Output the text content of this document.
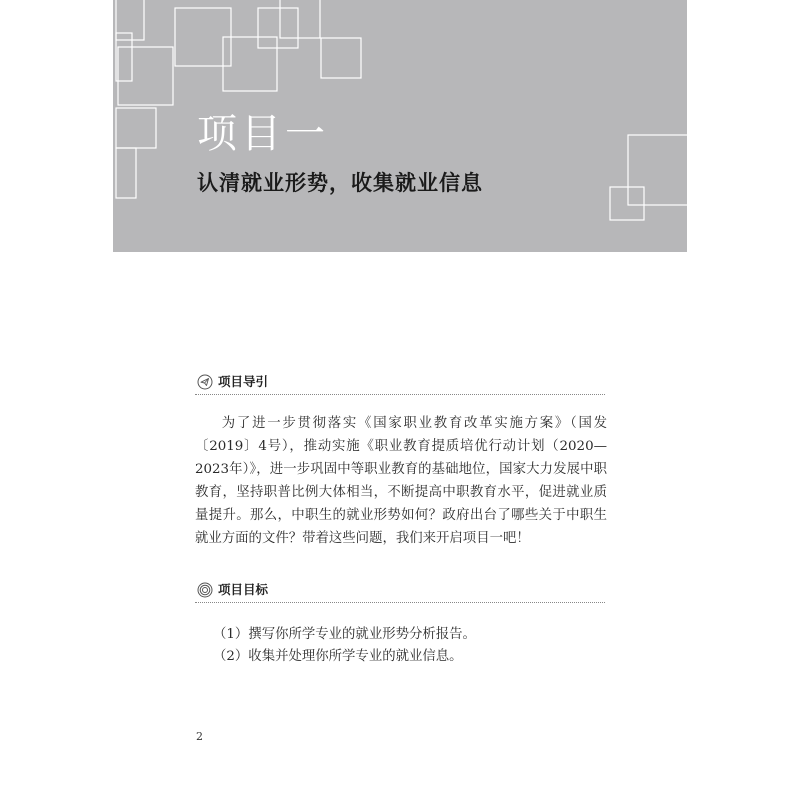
项目一
认清就业形势，收集就业信息
项目导引

为了进一步贯彻落实《国家职业教育改革实施方案》（国发〔2019〕4号），推动实施《职业教育提质培优行动计划（2020—2023年）》，进一步巩固中等职业教育的基础地位，国家大力发展中职教育，坚持职普比例大体相当，不断提高中职教育水平，促进就业质量提升。那么，中职生的就业形势如何？政府出台了哪些关于中职生就业方面的文件？带着这些问题，我们来开启项目一吧！

项目目标
（1）撰写你所学专业的就业形势分析报告。
（2）收集并处理你所学专业的就业信息。
2
